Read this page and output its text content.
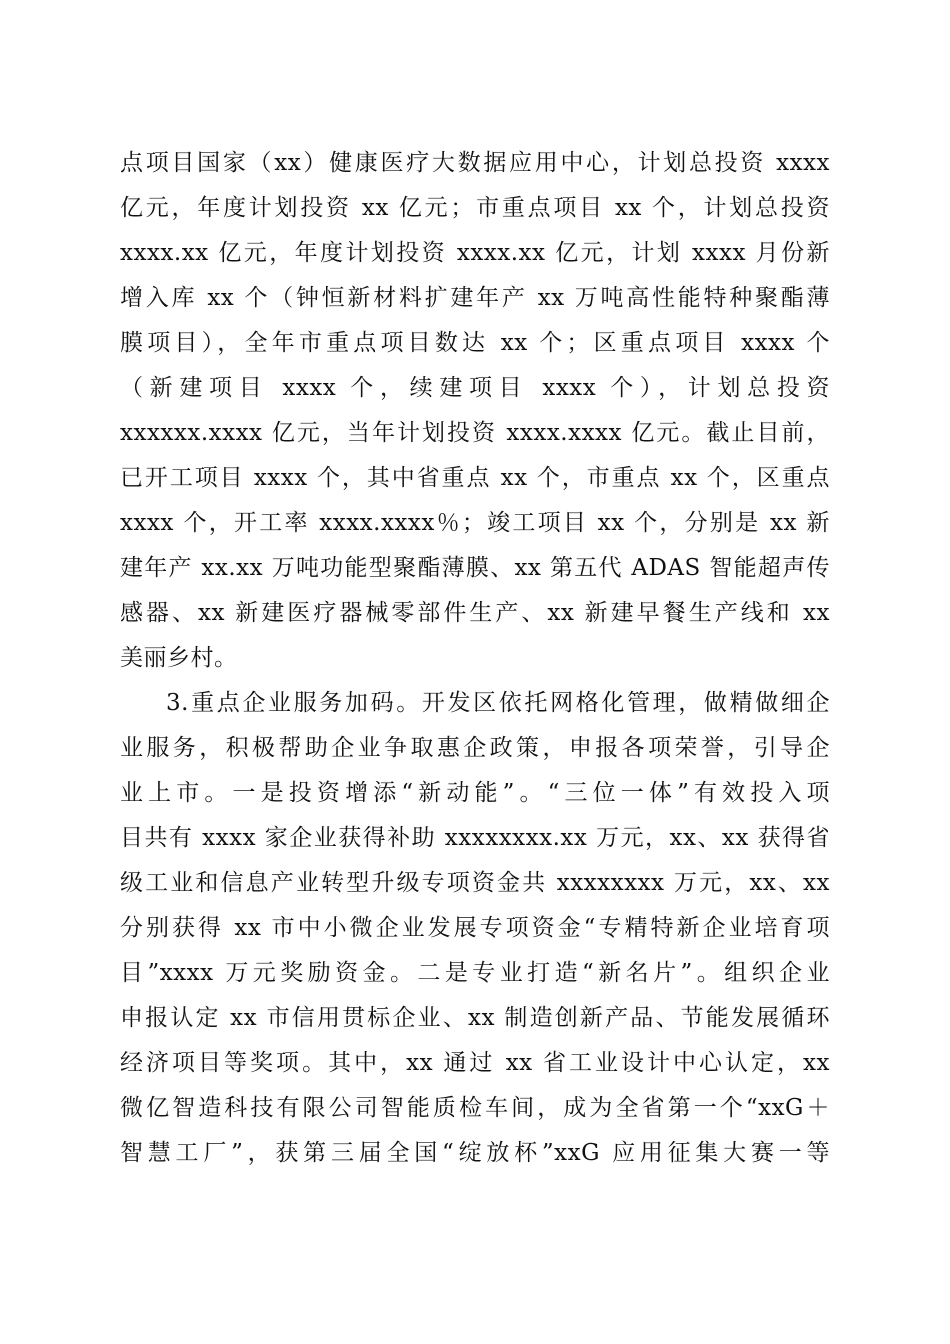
点项目国家（xx）健康医疗大数据应用中心，计划总投资 xxxx
亿元，年度计划投资 xx 亿元；市重点项目 xx 个，计划总投资
xxxx.xx 亿元，年度计划投资 xxxx.xx 亿元，计划 xxxx 月份新
增入库 xx 个（钟恒新材料扩建年产 xx 万吨高性能特种聚酯薄
膜项目），全年市重点项目数达 xx 个；区重点项目 xxxx 个
（新建项目 xxxx 个，续建项目 xxxx 个），计划总投资
xxxxxx.xxxx 亿元，当年计划投资 xxxx.xxxx 亿元。截止目前，
已开工项目 xxxx 个，其中省重点 xx 个，市重点 xx 个，区重点
xxxx 个，开工率 xxxx.xxxx％；竣工项目 xx 个，分别是 xx 新
建年产 xx.xx 万吨功能型聚酯薄膜、xx 第五代 ADAS 智能超声传
感器、xx 新建医疗器械零部件生产、xx 新建早餐生产线和 xx
美丽乡村。
3.重点企业服务加码。开发区依托网格化管理，做精做细企
业服务，积极帮助企业争取惠企政策，申报各项荣誉，引导企
业上市。一是投资增添“新动能”。“三位一体”有效投入项
目共有 xxxx 家企业获得补助 xxxxxxxx.xx 万元，xx、xx 获得省
级工业和信息产业转型升级专项资金共 xxxxxxxx 万元，xx、xx
分别获得 xx 市中小微企业发展专项资金“专精特新企业培育项
目”xxxx 万元奖励资金。二是专业打造“新名片”。组织企业
申报认定 xx 市信用贯标企业、xx 制造创新产品、节能发展循环
经济项目等奖项。其中，xx 通过 xx 省工业设计中心认定，xx
微亿智造科技有限公司智能质检车间，成为全省第一个“xxG＋
智慧工厂”，获第三届全国“绽放杯”xxG 应用征集大赛一等
